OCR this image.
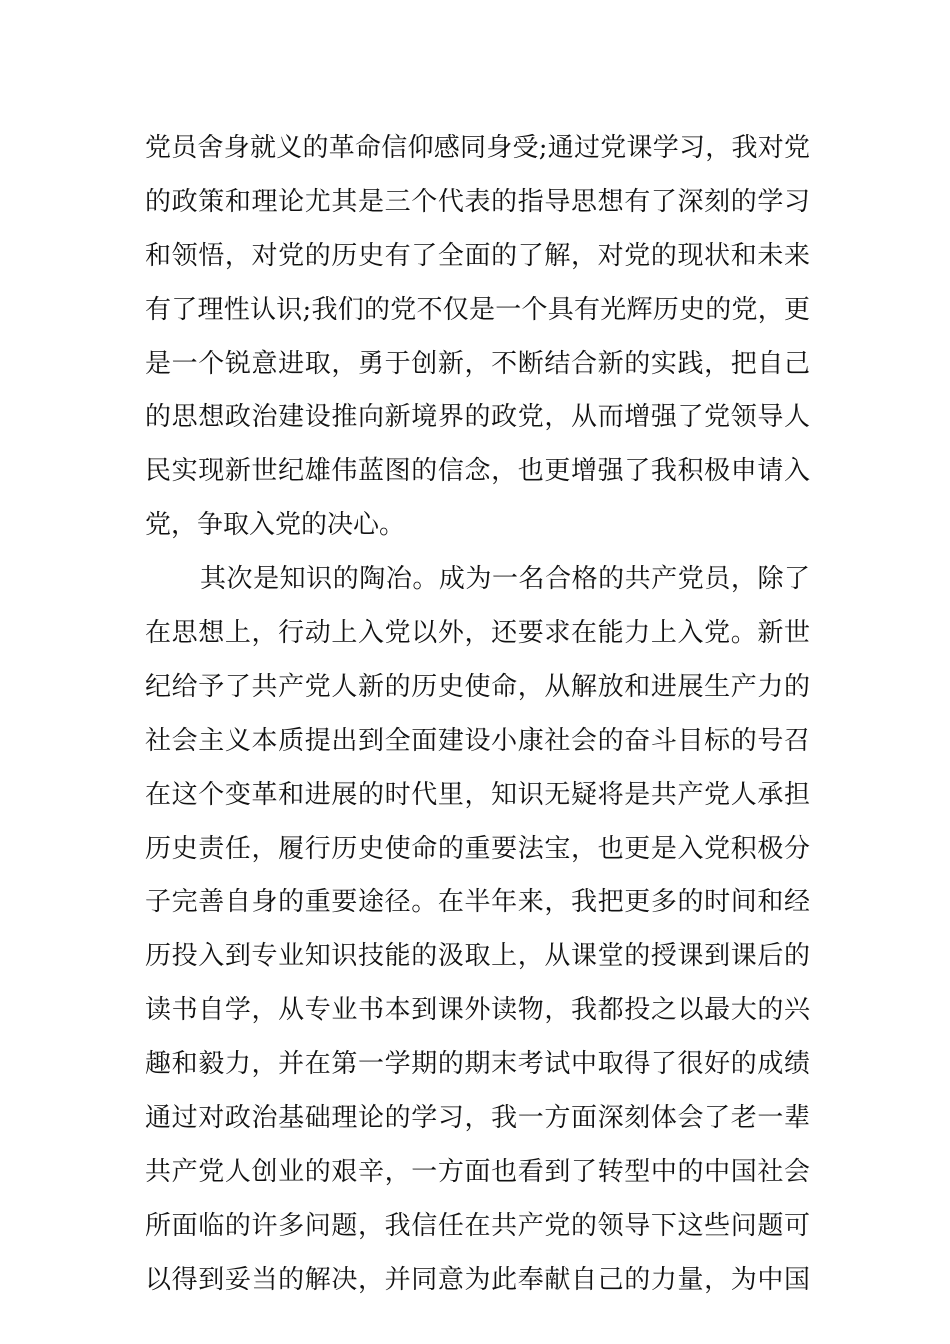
党员舍身就义的革命信仰感同身受;通过党课学习，我对党
的政策和理论尤其是三个代表的指导思想有了深刻的学习
和领悟，对党的历史有了全面的了解，对党的现状和未来
有了理性认识;我们的党不仅是一个具有光辉历史的党，更
是一个锐意进取，勇于创新，不断结合新的实践，把自己
的思想政治建设推向新境界的政党，从而增强了党领导人
民实现新世纪雄伟蓝图的信念，也更增强了我积极申请入
党，争取入党的决心。
其次是知识的陶冶。成为一名合格的共产党员，除了
在思想上，行动上入党以外，还要求在能力上入党。新世
纪给予了共产党人新的历史使命，从解放和进展生产力的
社会主义本质提出到全面建设小康社会的奋斗目标的号召
在这个变革和进展的时代里，知识无疑将是共产党人承担
历史责任，履行历史使命的重要法宝，也更是入党积极分
子完善自身的重要途径。在半年来，我把更多的时间和经
历投入到专业知识技能的汲取上，从课堂的授课到课后的
读书自学，从专业书本到课外读物，我都投之以最大的兴
趣和毅力，并在第一学期的期末考试中取得了很好的成绩
通过对政治基础理论的学习，我一方面深刻体会了老一辈
共产党人创业的艰辛，一方面也看到了转型中的中国社会
所面临的许多问题，我信任在共产党的领导下这些问题可
以得到妥当的解决，并同意为此奉献自己的力量，为中国
